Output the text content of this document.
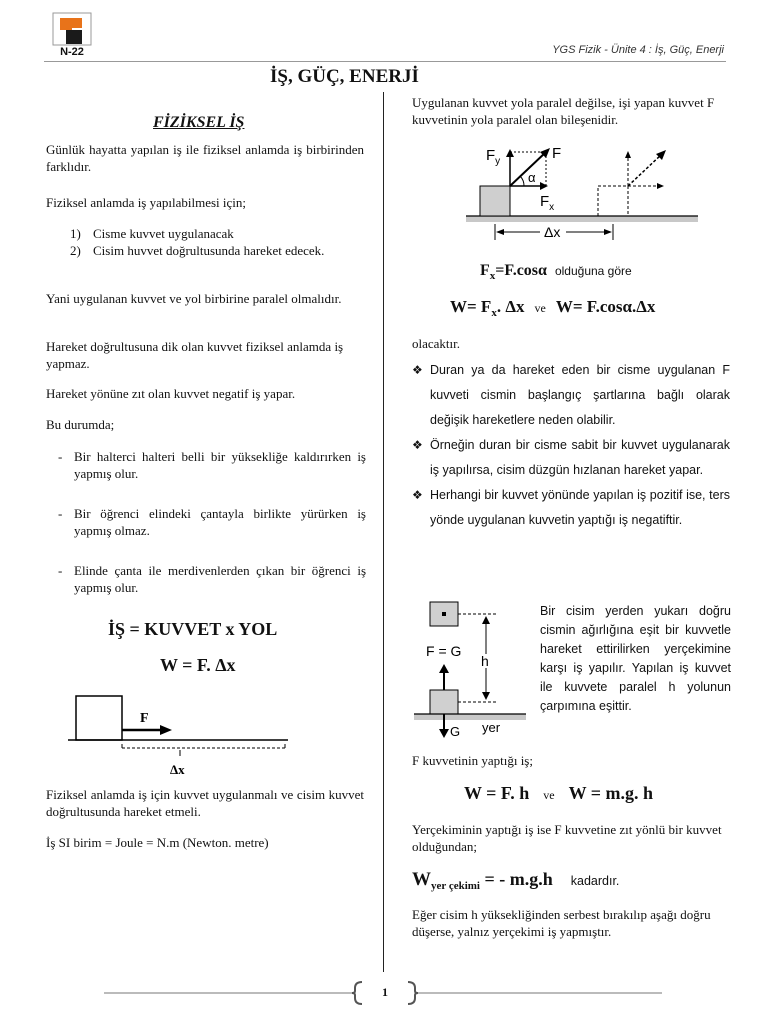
N-22	YGS Fizik - Ünite 4 : İş, Güç, Enerji
İŞ, GÜÇ, ENERJİ
FİZİKSEL İŞ
Günlük hayatta yapılan iş ile fiziksel anlamda iş birbirinden farklıdır.
Fiziksel anlamda iş yapılabilmesi için;
1) Cisme kuvvet uygulanacak
2) Cisim huvvet doğrultusunda hareket edecek.
Yani uygulanan kuvvet ve yol birbirine paralel olmalıdır.
Hareket doğrultusuna dik olan kuvvet fiziksel anlamda iş yapmaz.
Hareket yönüne zıt olan kuvvet negatif iş yapar.
Bu durumda;
- Bir halterci halteri belli bir yüksekliğe kaldırırken iş yapmış olur.
- Bir öğrenci elindeki çantayla birlikte yürürken iş yapmış olmaz.
- Elinde çanta ile merdivenlerden çıkan bir öğrenci iş yapmış olur.
İŞ = KUVVET x YOL
W = F. Δx
F
Δx
Fiziksel anlamda iş için kuvvet uygulanmalı ve cisim kuvvet doğrultusunda hareket etmeli.
İş SI birim = Joule = N.m (Newton. metre)
Uygulanan kuvvet yola paralel değilse, işi yapan kuvvet F kuvvetinin yola paralel olan bileşenidir.
α
$F_y$	F
$F_x$
Δx
$F_x=F.\cos\alpha$ olduğuna göre
$W= F_x$. Δx ve W= F.cosα.Δx
olacaktır.
❖ Duran ya da hareket eden bir cisme uygulanan F kuvveti cismin başlangıç şartlarına bağlı olarak değişik hareketlere neden olabilir.
❖ Örneğin duran bir cisme sabit bir kuvvet uygulanarak iş yapılırsa, cisim düzgün hızlanan hareket yapar.
❖ Herhangi bir kuvvet yönünde yapılan iş pozitif ise, ters yönde uygulanan kuvvetin yaptığı iş negatiftir.
h
F = G
G yer
Bir cisim yerden yukarı doğru cismin ağırlığına eşit bir kuvvetle hareket ettirilirken yerçekimine karşı iş yapılır. Yapılan iş kuvvet ile kuvvete paralel h yolunun çarpımına eşittir.
F kuvvetinin yaptığı iş;
W = F. h ve W = m.g. h
Yerçekiminin yaptığı iş ise F kuvvetine zıt yönlü bir kuvvet olduğundan;
$W_{yer çekimi}$ = - m.g.h kadardır.
Eğer cisim h yüksekliğinden serbest bırakılıp aşağı doğru düşerse, yalnız yerçekimi iş yapmıştır.
1
